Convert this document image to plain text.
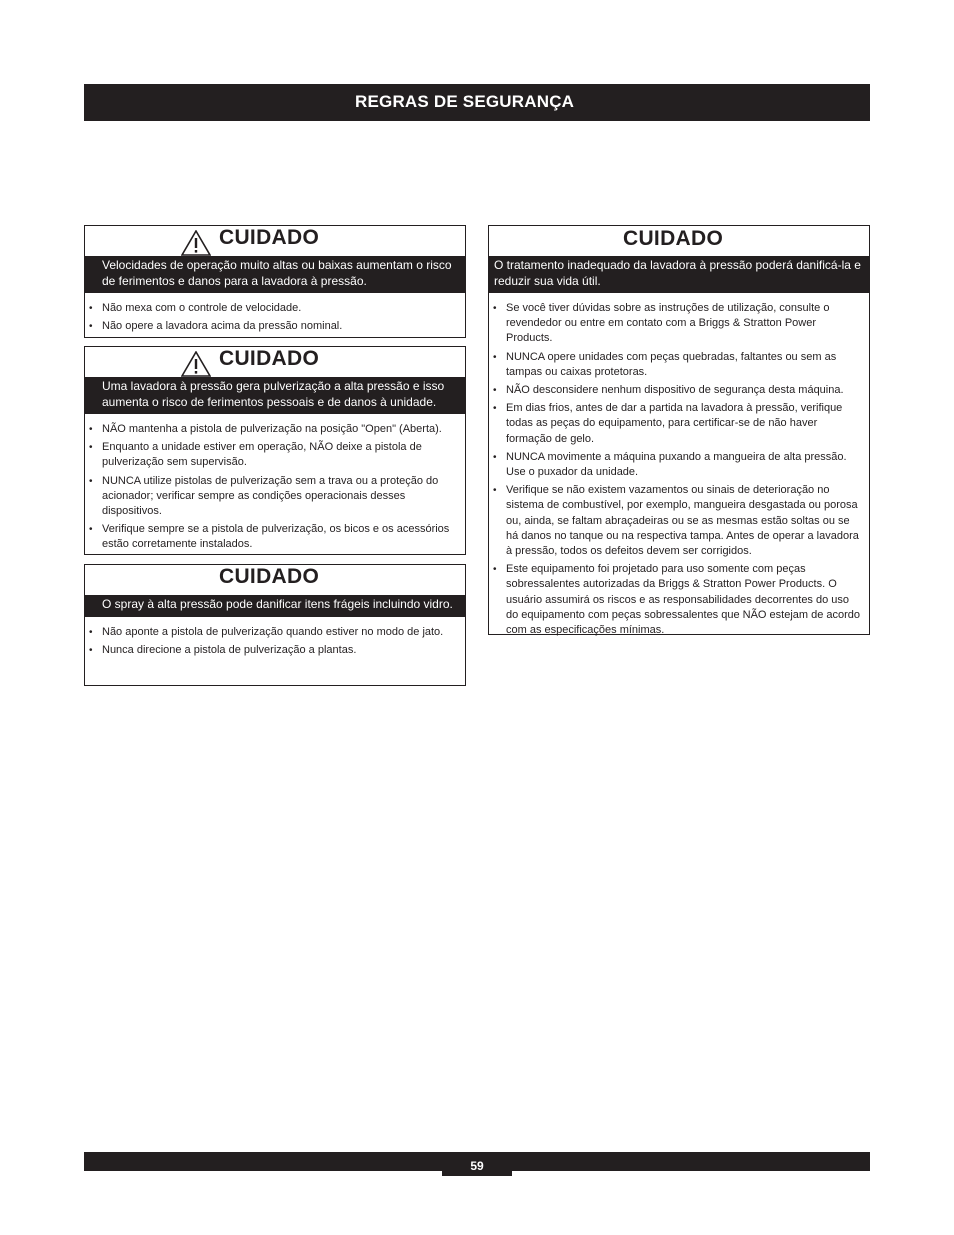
REGRAS DE SEGURANÇA
CUIDADO
Velocidades de operação muito altas ou baixas aumentam o risco de ferimentos e danos para a lavadora à pressão.
• Não mexa com o controle de velocidade.
• Não opere a lavadora acima da pressão nominal.
CUIDADO
Uma lavadora à pressão gera pulverização a alta pressão e isso aumenta o risco de ferimentos pessoais e de danos à unidade.
• NÃO mantenha a pistola de pulverização na posição "Open" (Aberta).
• Enquanto a unidade estiver em operação, NÃO deixe a pistola de pulverização sem supervisão.
• NUNCA utilize pistolas de pulverização sem a trava ou a proteção do acionador; verificar sempre as condições operacionais desses dispositivos.
• Verifique sempre se a pistola de pulverização, os bicos e os acessórios estão corretamente instalados.
CUIDADO
O spray à alta pressão pode danificar itens frágeis incluindo vidro.
• Não aponte a pistola de pulverização quando estiver no modo de jato.
• Nunca direcione a pistola de pulverização a plantas.
CUIDADO
O tratamento inadequado da lavadora à pressão poderá danificá-la e reduzir sua vida útil.
• Se você tiver dúvidas sobre as instruções de utilização, consulte o revendedor ou entre em contato com a Briggs & Stratton Power Products.
• NUNCA opere unidades com peças quebradas, faltantes ou sem as tampas ou caixas protetoras.
• NÃO desconsidere nenhum dispositivo de segurança desta máquina.
• Em dias frios, antes de dar a partida na lavadora à pressão, verifique todas as peças do equipamento, para certificar-se de não haver formação de gelo.
• NUNCA movimente a máquina puxando a mangueira de alta pressão. Use o puxador da unidade.
• Verifique se não existem vazamentos ou sinais de deterioração no sistema de combustível, por exemplo, mangueira desgastada ou porosa ou, ainda, se faltam abraçadeiras ou se as mesmas estão soltas ou se há danos no tanque ou na respectiva tampa. Antes de operar a lavadora à pressão, todos os defeitos devem ser corrigidos.
• Este equipamento foi projetado para uso somente com peças sobressalentes autorizadas da Briggs & Stratton Power Products. O usuário assumirá os riscos e as responsabilidades decorrentes do uso do equipamento com peças sobressalentes que NÃO estejam de acordo com as especificações mínimas.
59
